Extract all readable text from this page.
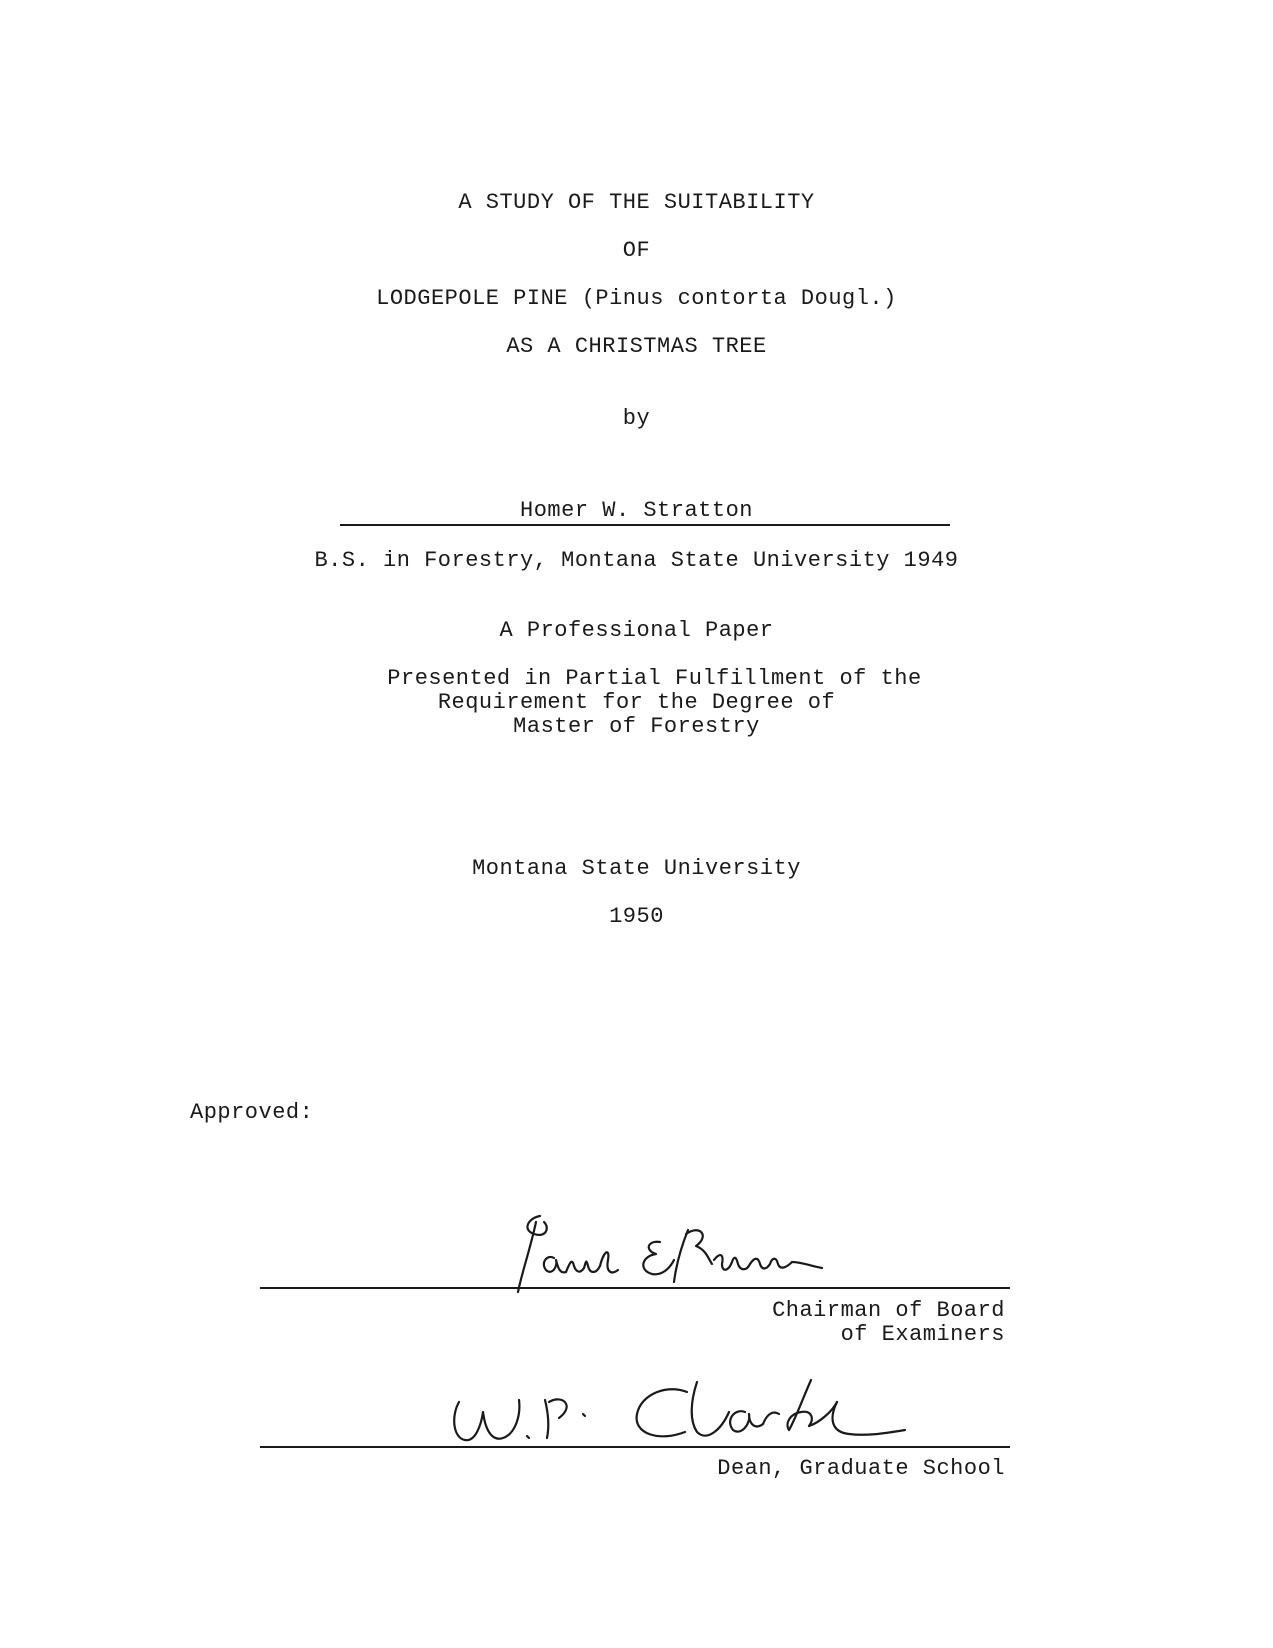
A STUDY OF THE SUITABILITY
OF
LODGEPOLE PINE (Pinus contorta Dougl.)
AS A CHRISTMAS TREE
by
Homer W. Stratton
B.S. in Forestry, Montana State University 1949
A Professional Paper
Presented in Partial Fulfillment of the
Requirement for the Degree of
Master of Forestry
Montana State University
1950
Approved:
Chairman of Board
of Examiners
Dean, Graduate School
